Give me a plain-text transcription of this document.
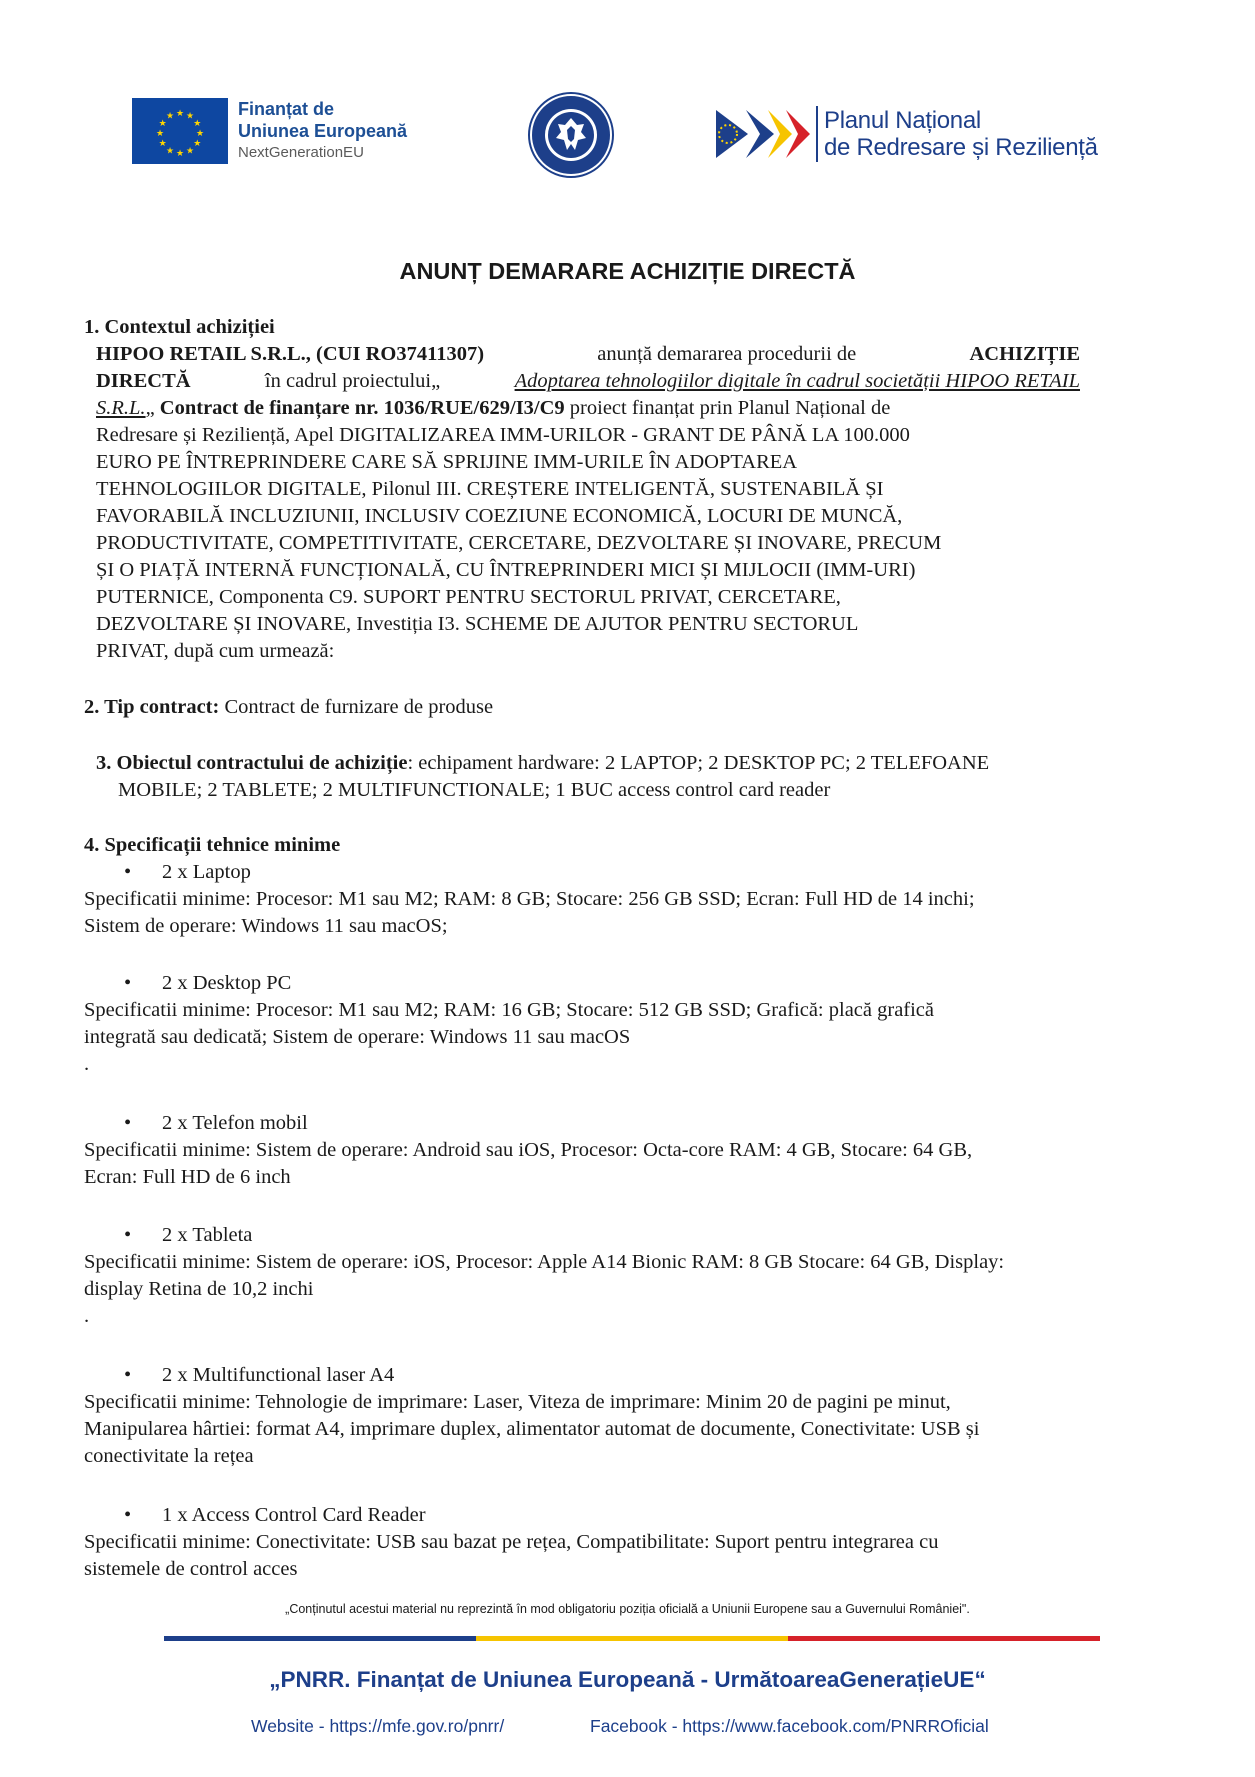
★ ★
★
★
★
★
★
★
★
★
★
★	Finanțat de
Uniunea Europeană
NextGenerationEU
Planul Național
de Redresare și Reziliență
ANUNȚ DEMARARE ACHIZIȚIE DIRECTĂ
1. Contextul achiziției
HIPOO RETAIL S.R.L., (CUI RO37411307)	anunță demararea procedurii de	ACHIZIȚIE
DIRECTĂ	în cadrul proiectului„	Adoptarea tehnologiilor digitale în cadrul societății HIPOO RETAIL
S.R.L.„ Contract de finanțare nr. 1036/RUE/629/I3/C9 proiect finanțat prin Planul Național de
Redresare și Reziliență, Apel DIGITALIZAREA IMM-URILOR - GRANT DE PÂNĂ LA 100.000
EURO PE ÎNTREPRINDERE CARE SĂ SPRIJINE IMM-URILE ÎN ADOPTAREA
TEHNOLOGIILOR DIGITALE, Pilonul III. CREȘTERE INTELIGENTĂ, SUSTENABILĂ ȘI
FAVORABILĂ INCLUZIUNII, INCLUSIV COEZIUNE ECONOMICĂ, LOCURI DE MUNCĂ,
PRODUCTIVITATE, COMPETITIVITATE, CERCETARE, DEZVOLTARE ȘI INOVARE, PRECUM
ȘI O PIAȚĂ INTERNĂ FUNCȚIONALĂ, CU ÎNTREPRINDERI MICI ȘI MIJLOCII (IMM-URI)
PUTERNICE, Componenta C9. SUPORT PENTRU SECTORUL PRIVAT, CERCETARE,
DEZVOLTARE ȘI INOVARE, Investiția I3. SCHEME DE AJUTOR PENTRU SECTORUL
PRIVAT, după cum urmează:
2. Tip contract: Contract de furnizare de produse
3. Obiectul contractului de achiziție: echipament hardware: 2 LAPTOP; 2 DESKTOP PC; 2 TELEFOANE
MOBILE; 2 TABLETE; 2 MULTIFUNCTIONALE; 1 BUC access control card reader
4. Specificații tehnice minime
• 2 x Laptop
Specificatii minime: Procesor: M1 sau M2; RAM: 8 GB; Stocare: 256 GB SSD; Ecran: Full HD de 14 inchi;
Sistem de operare: Windows 11 sau macOS;
• 2 x Desktop PC
Specificatii minime: Procesor: M1 sau M2; RAM: 16 GB; Stocare: 512 GB SSD; Grafică: placă grafică
integrată sau dedicată; Sistem de operare: Windows 11 sau macOS
.
• 2 x Telefon mobil
Specificatii minime: Sistem de operare: Android sau iOS, Procesor: Octa-core RAM: 4 GB, Stocare: 64 GB,
Ecran: Full HD de 6 inch
• 2 x Tableta
Specificatii minime: Sistem de operare: iOS, Procesor: Apple A14 Bionic RAM: 8 GB Stocare: 64 GB, Display:
display Retina de 10,2 inchi
.
• 2 x Multifunctional laser A4
Specificatii minime: Tehnologie de imprimare: Laser, Viteza de imprimare: Minim 20 de pagini pe minut,
Manipularea hârtiei: format A4, imprimare duplex, alimentator automat de documente, Conectivitate: USB și
conectivitate la rețea
• 1 x Access Control Card Reader
Specificatii minime: Conectivitate: USB sau bazat pe rețea, Compatibilitate: Suport pentru integrarea cu
sistemele de control acces
„Conținutul acestui material nu reprezintă în mod obligatoriu poziția oficială a Uniunii Europene sau a Guvernului României".
„PNRR. Finanțat de Uniunea Europeană - UrmătoareaGenerațieUE“
Website - https://mfe.gov.ro/pnrr/	Facebook - https://www.facebook.com/PNRROficial
